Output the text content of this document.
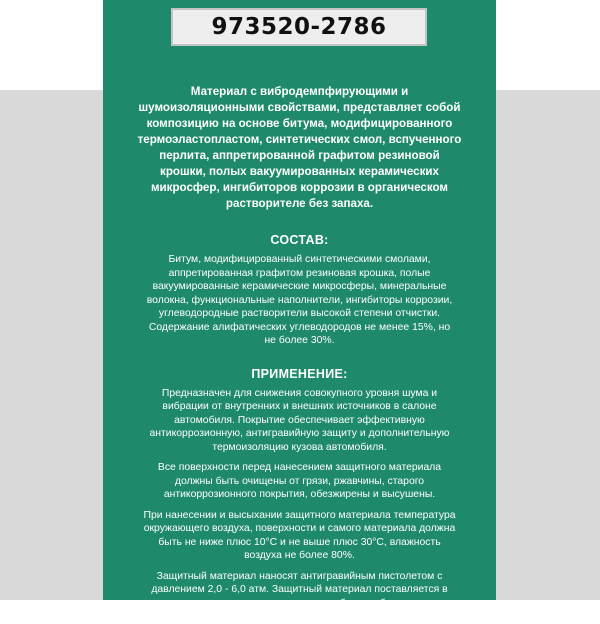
973520-2786
Материал с вибродемпфирующими и шумоизоляционными свойствами, представляет собой композицию на основе битума, модифицированного термоэластопластом, синтетических смол, вспученного перлита, аппретированной графитом резиновой крошки, полых вакуумированных керамических микросфер, ингибиторов коррозии в органическом растворителе без запаха.
СОСТАВ:
Битум, модифицированный синтетическими смолами, аппретированная графитом резиновая крошка, полые вакуумированные керамические микросферы, минеральные волокна, функциональные наполнители, ингибиторы коррозии, углеводородные растворители высокой степени отчистки. Содержание алифатических углеводородов не менее 15%, но не более 30%.
ПРИМЕНЕНИЕ:
Предназначен для снижения совокупного уровня шума и вибрации от внутренних и внешних источников в салоне автомобиля. Покрытие обеспечивает эффективную антикоррозионную, антигравийную защиту и дополнительную термоизоляцию кузова автомобиля.
Все поверхности перед нанесением защитного материала должны быть очищены от грязи, ржавчины, старого антикоррозионного покрытия, обезжирены и высушены.
При нанесении и высыхании защитного материала температура окружающего воздуха, поверхности и самого материала должна быть не ниже плюс 10°C и не выше плюс 30°C, влажность воздуха не более 80%.
Защитный материал наносят антигравийным пистолетом с давлением 2,0 - 6,0 атм. Защитный материал поставляется в готовом для нанесения виде, не требует разбавления и фильтрации. Допускается нанесение кистью.
